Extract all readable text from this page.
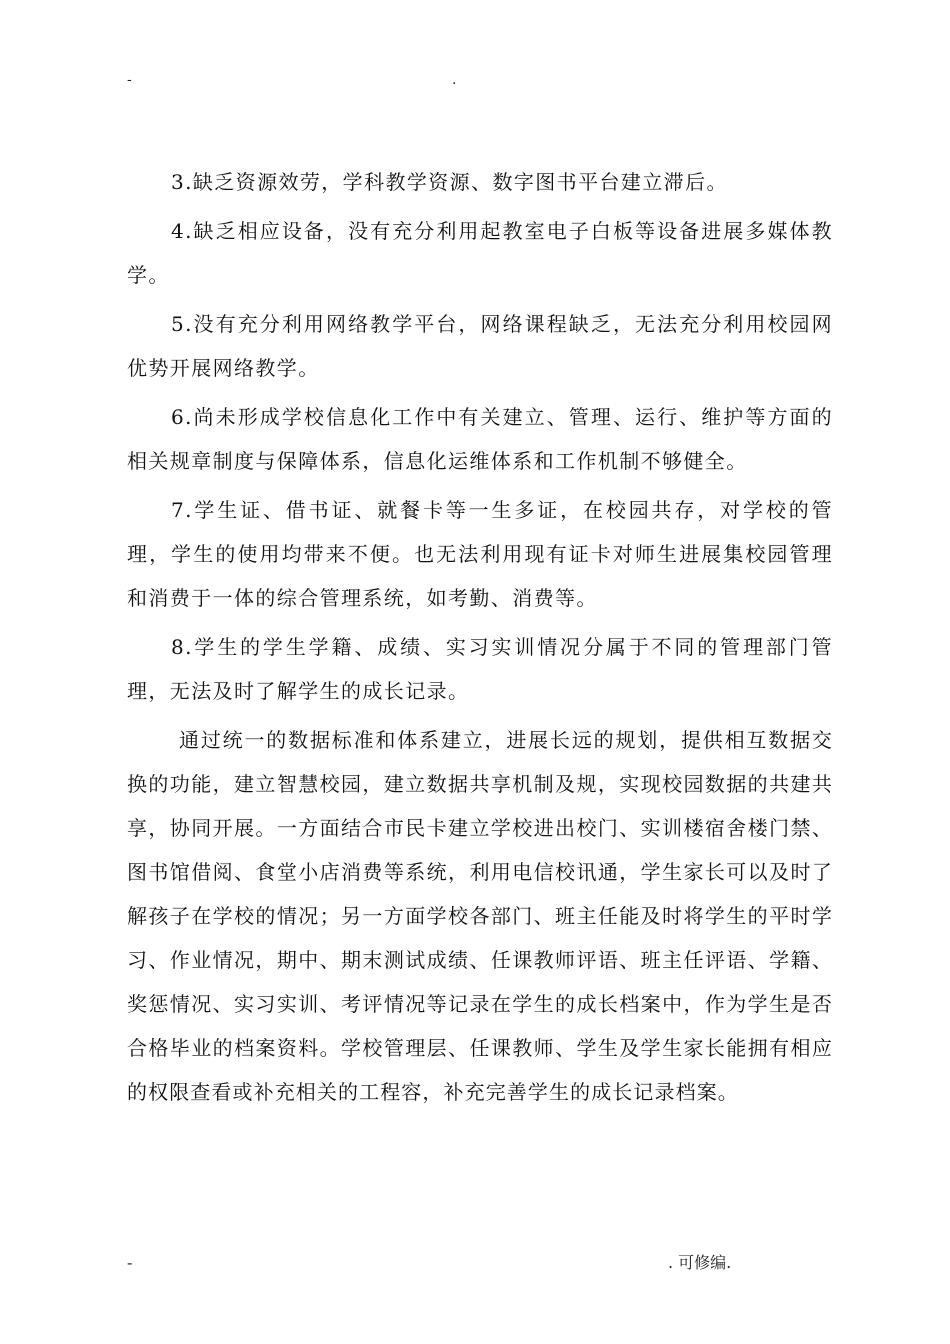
-	.

3.缺乏资源效劳，学科教学资源、数字图书平台建立滞后。

4.缺乏相应设备，没有充分利用起教室电子白板等设备进展多媒体教学。

5.没有充分利用网络教学平台，网络课程缺乏，无法充分利用校园网优势开展网络教学。

6.尚未形成学校信息化工作中有关建立、管理、运行、维护等方面的相关规章制度与保障体系，信息化运维体系和工作机制不够健全。

7.学生证、借书证、就餐卡等一生多证，在校园共存，对学校的管理，学生的使用均带来不便。也无法利用现有证卡对师生进展集校园管理和消费于一体的综合管理系统，如考勤、消费等。

8.学生的学生学籍、成绩、实习实训情况分属于不同的管理部门管理，无法及时了解学生的成长记录。

通过统一的数据标准和体系建立，进展长远的规划，提供相互数据交换的功能，建立智慧校园，建立数据共享机制及规，实现校园数据的共建共享，协同开展。一方面结合市民卡建立学校进出校门、实训楼宿舍楼门禁、图书馆借阅、食堂小店消费等系统，利用电信校讯通，学生家长可以及时了解孩子在学校的情况；另一方面学校各部门、班主任能及时将学生的平时学习、作业情况，期中、期末测试成绩、任课教师评语、班主任评语、学籍、奖惩情况、实习实训、考评情况等记录在学生的成长档案中，作为学生是否合格毕业的档案资料。学校管理层、任课教师、学生及学生家长能拥有相应的权限查看或补充相关的工程容，补充完善学生的成长记录档案。

-	. 可修编.
